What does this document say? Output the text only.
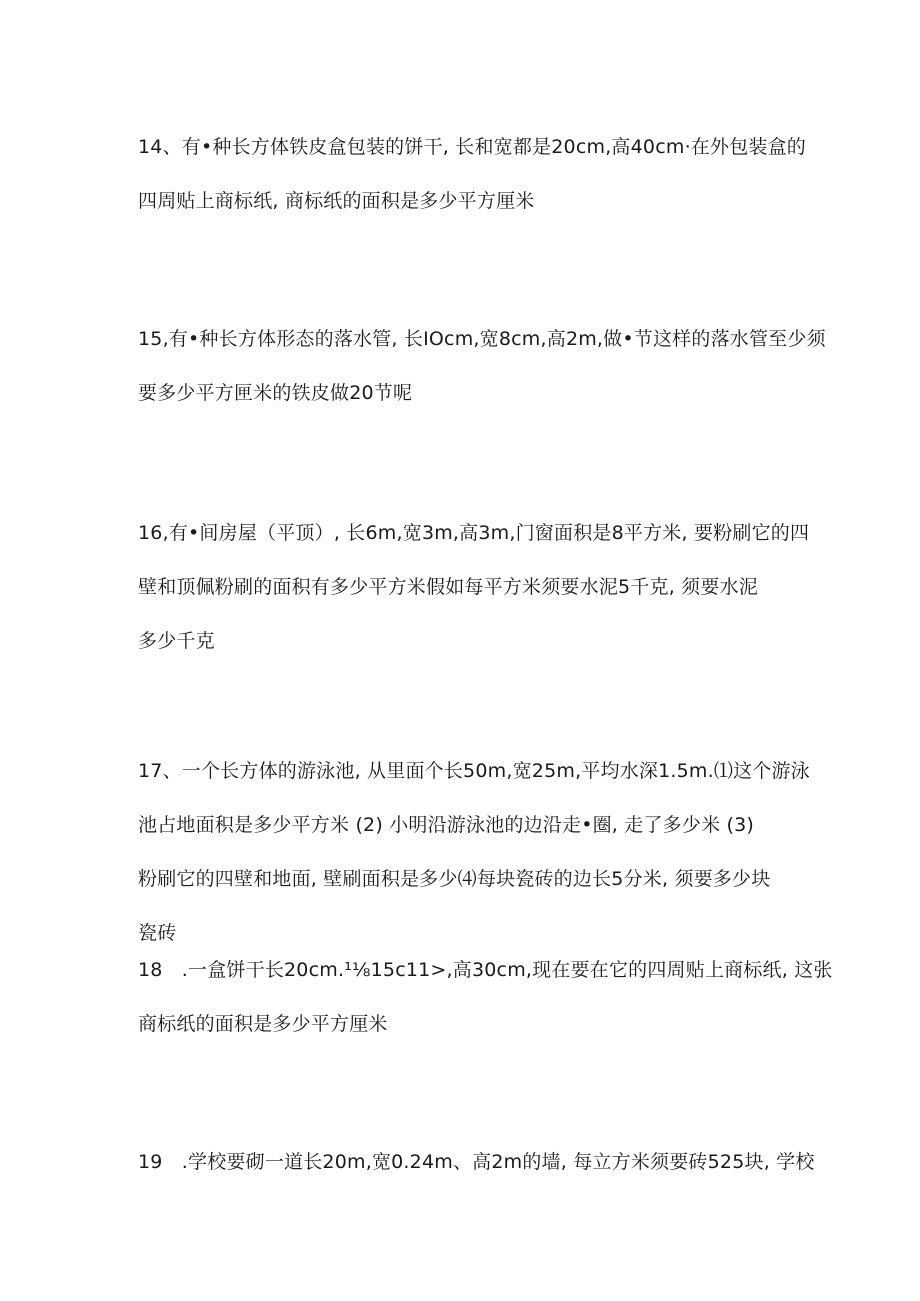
14、有•种长方体铁皮盒包装的饼干, 长和宽都是20cm,高40cm·在外包装盒的
四周贴上商标纸, 商标纸的面积是多少平方厘米
15,有•种长方体形态的落水管, 长IOcm,宽8cm,高2m,做•节这样的落水管至少须
要多少平方匣米的铁皮做20节呢
16,有•间房屋（平顶）, 长6m,宽3m,高3m,门窗面积是8平方米, 要粉刷它的四
壁和顶佩粉刷的面积有多少平方米假如每平方米须要水泥5千克, 须要水泥
多少千克
17、一个长方体的游泳池, 从里面个长50m,宽25m,平均水深1.5m.⑴这个游泳
池占地面积是多少平方米 (2) 小明沿游泳池的边沿走•圈, 走了多少米 (3)
粉刷它的四壁和地面, 壁刷面积是多少⑷每块瓷砖的边长5分米, 须要多少块
瓷砖
18　.一盒饼干长20cm.¹⅛15c11>,高30cm,现在要在它的四周贴上商标纸, 这张
商标纸的面积是多少平方厘米
19　.学校要砌一道长20m,宽0.24m、高2m的墙, 每立方米须要砖525块, 学校
